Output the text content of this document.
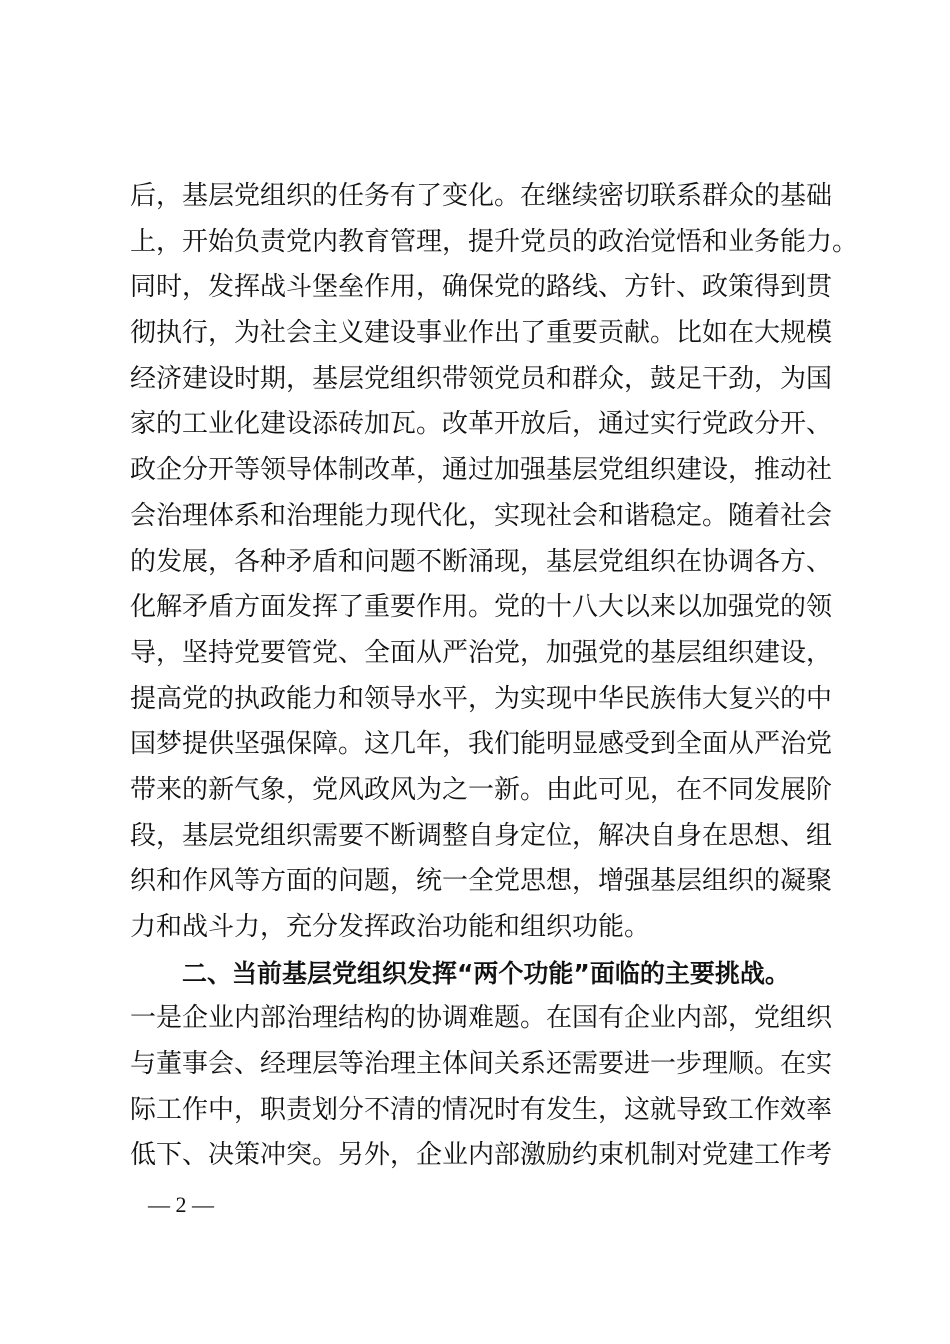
后，基层党组织的任务有了变化。在继续密切联系群众的基础
上，开始负责党内教育管理，提升党员的政治觉悟和业务能力。
同时，发挥战斗堡垒作用，确保党的路线、方针、政策得到贯
彻执行，为社会主义建设事业作出了重要贡献。比如在大规模
经济建设时期，基层党组织带领党员和群众，鼓足干劲，为国
家的工业化建设添砖加瓦。改革开放后，通过实行党政分开、
政企分开等领导体制改革，通过加强基层党组织建设，推动社
会治理体系和治理能力现代化，实现社会和谐稳定。随着社会
的发展，各种矛盾和问题不断涌现，基层党组织在协调各方、
化解矛盾方面发挥了重要作用。党的十八大以来以加强党的领
导，坚持党要管党、全面从严治党，加强党的基层组织建设，
提高党的执政能力和领导水平，为实现中华民族伟大复兴的中
国梦提供坚强保障。这几年，我们能明显感受到全面从严治党
带来的新气象，党风政风为之一新。由此可见，在不同发展阶
段，基层党组织需要不断调整自身定位，解决自身在思想、组
织和作风等方面的问题，统一全党思想，增强基层组织的凝聚
力和战斗力，充分发挥政治功能和组织功能。
二、当前基层党组织发挥“两个功能”面临的主要挑战。
一是企业内部治理结构的协调难题。在国有企业内部，党组织
与董事会、经理层等治理主体间关系还需要进一步理顺。在实
际工作中，职责划分不清的情况时有发生，这就导致工作效率
低下、决策冲突。另外，企业内部激励约束机制对党建工作考
— 2 —
